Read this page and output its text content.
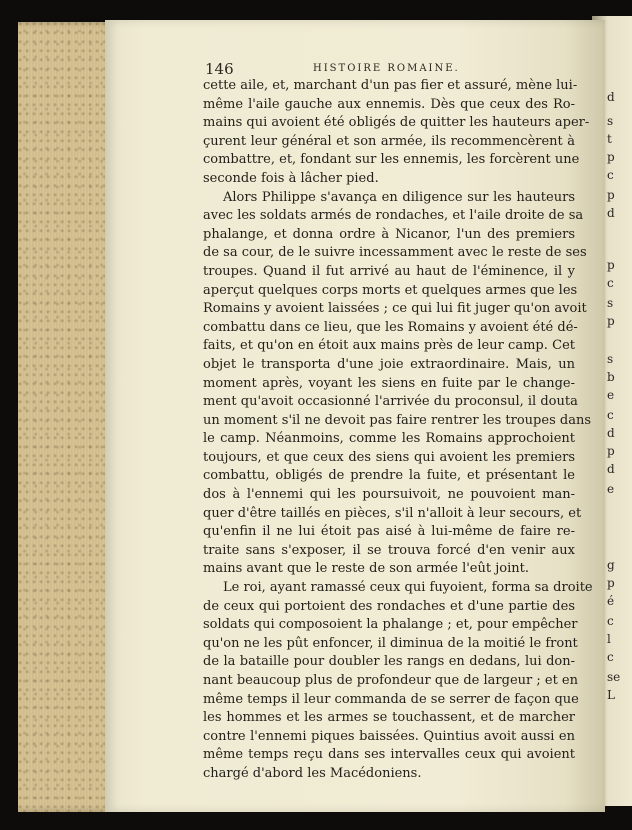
146	HISTOIRE ROMAINE.
cette aile, et, marchant d'un pas fier et assuré, mène lui-
même l'aile gauche aux ennemis. Dès que ceux des Ro-
mains qui avoient été obligés de quitter les hauteurs aper-
çurent leur général et son armée, ils recommencèrent à
combattre, et, fondant sur les ennemis, les forcèrent une
seconde fois à lâcher pied.
Alors Philippe s'avança en diligence sur les hauteurs
avec les soldats armés de rondaches, et l'aile droite de sa
phalange, et donna ordre à Nicanor, l'un des premiers
de sa cour, de le suivre incessamment avec le reste de ses
troupes. Quand il fut arrivé au haut de l'éminence, il y
aperçut quelques corps morts et quelques armes que les
Romains y avoient laissées ; ce qui lui fit juger qu'on avoit
combattu dans ce lieu, que les Romains y avoient été dé-
faits, et qu'on en étoit aux mains près de leur camp. Cet
objet le transporta d'une joie extraordinaire. Mais, un
moment après, voyant les siens en fuite par le change-
ment qu'avoit occasionné l'arrivée du proconsul, il douta
un moment s'il ne devoit pas faire rentrer les troupes dans
le camp. Néanmoins, comme les Romains approchoient
toujours, et que ceux des siens qui avoient les premiers
combattu, obligés de prendre la fuite, et présentant le
dos à l'ennemi qui les poursuivoit, ne pouvoient man-
quer d'être taillés en pièces, s'il n'alloit à leur secours, et
qu'enfin il ne lui étoit pas aisé à lui-même de faire re-
traite sans s'exposer, il se trouva forcé d'en venir aux
mains avant que le reste de son armée l'eût joint.
Le roi, ayant ramassé ceux qui fuyoient, forma sa droite
de ceux qui portoient des rondaches et d'une partie des
soldats qui composoient la phalange ; et, pour empêcher
qu'on ne les pût enfoncer, il diminua de la moitié le front
de la bataille pour doubler les rangs en dedans, lui don-
nant beaucoup plus de profondeur que de largeur ; et en
même temps il leur commanda de se serrer de façon que
les hommes et les armes se touchassent, et de marcher
contre l'ennemi piques baissées. Quintius avoit aussi en
même temps reçu dans ses intervalles ceux qui avoient
chargé d'abord les Macédoniens.
d
s
t
p
c
p
d
p
c
s
p
s
b
e
c
d
p
d
e
g
p
é
c
l
c
se
L
